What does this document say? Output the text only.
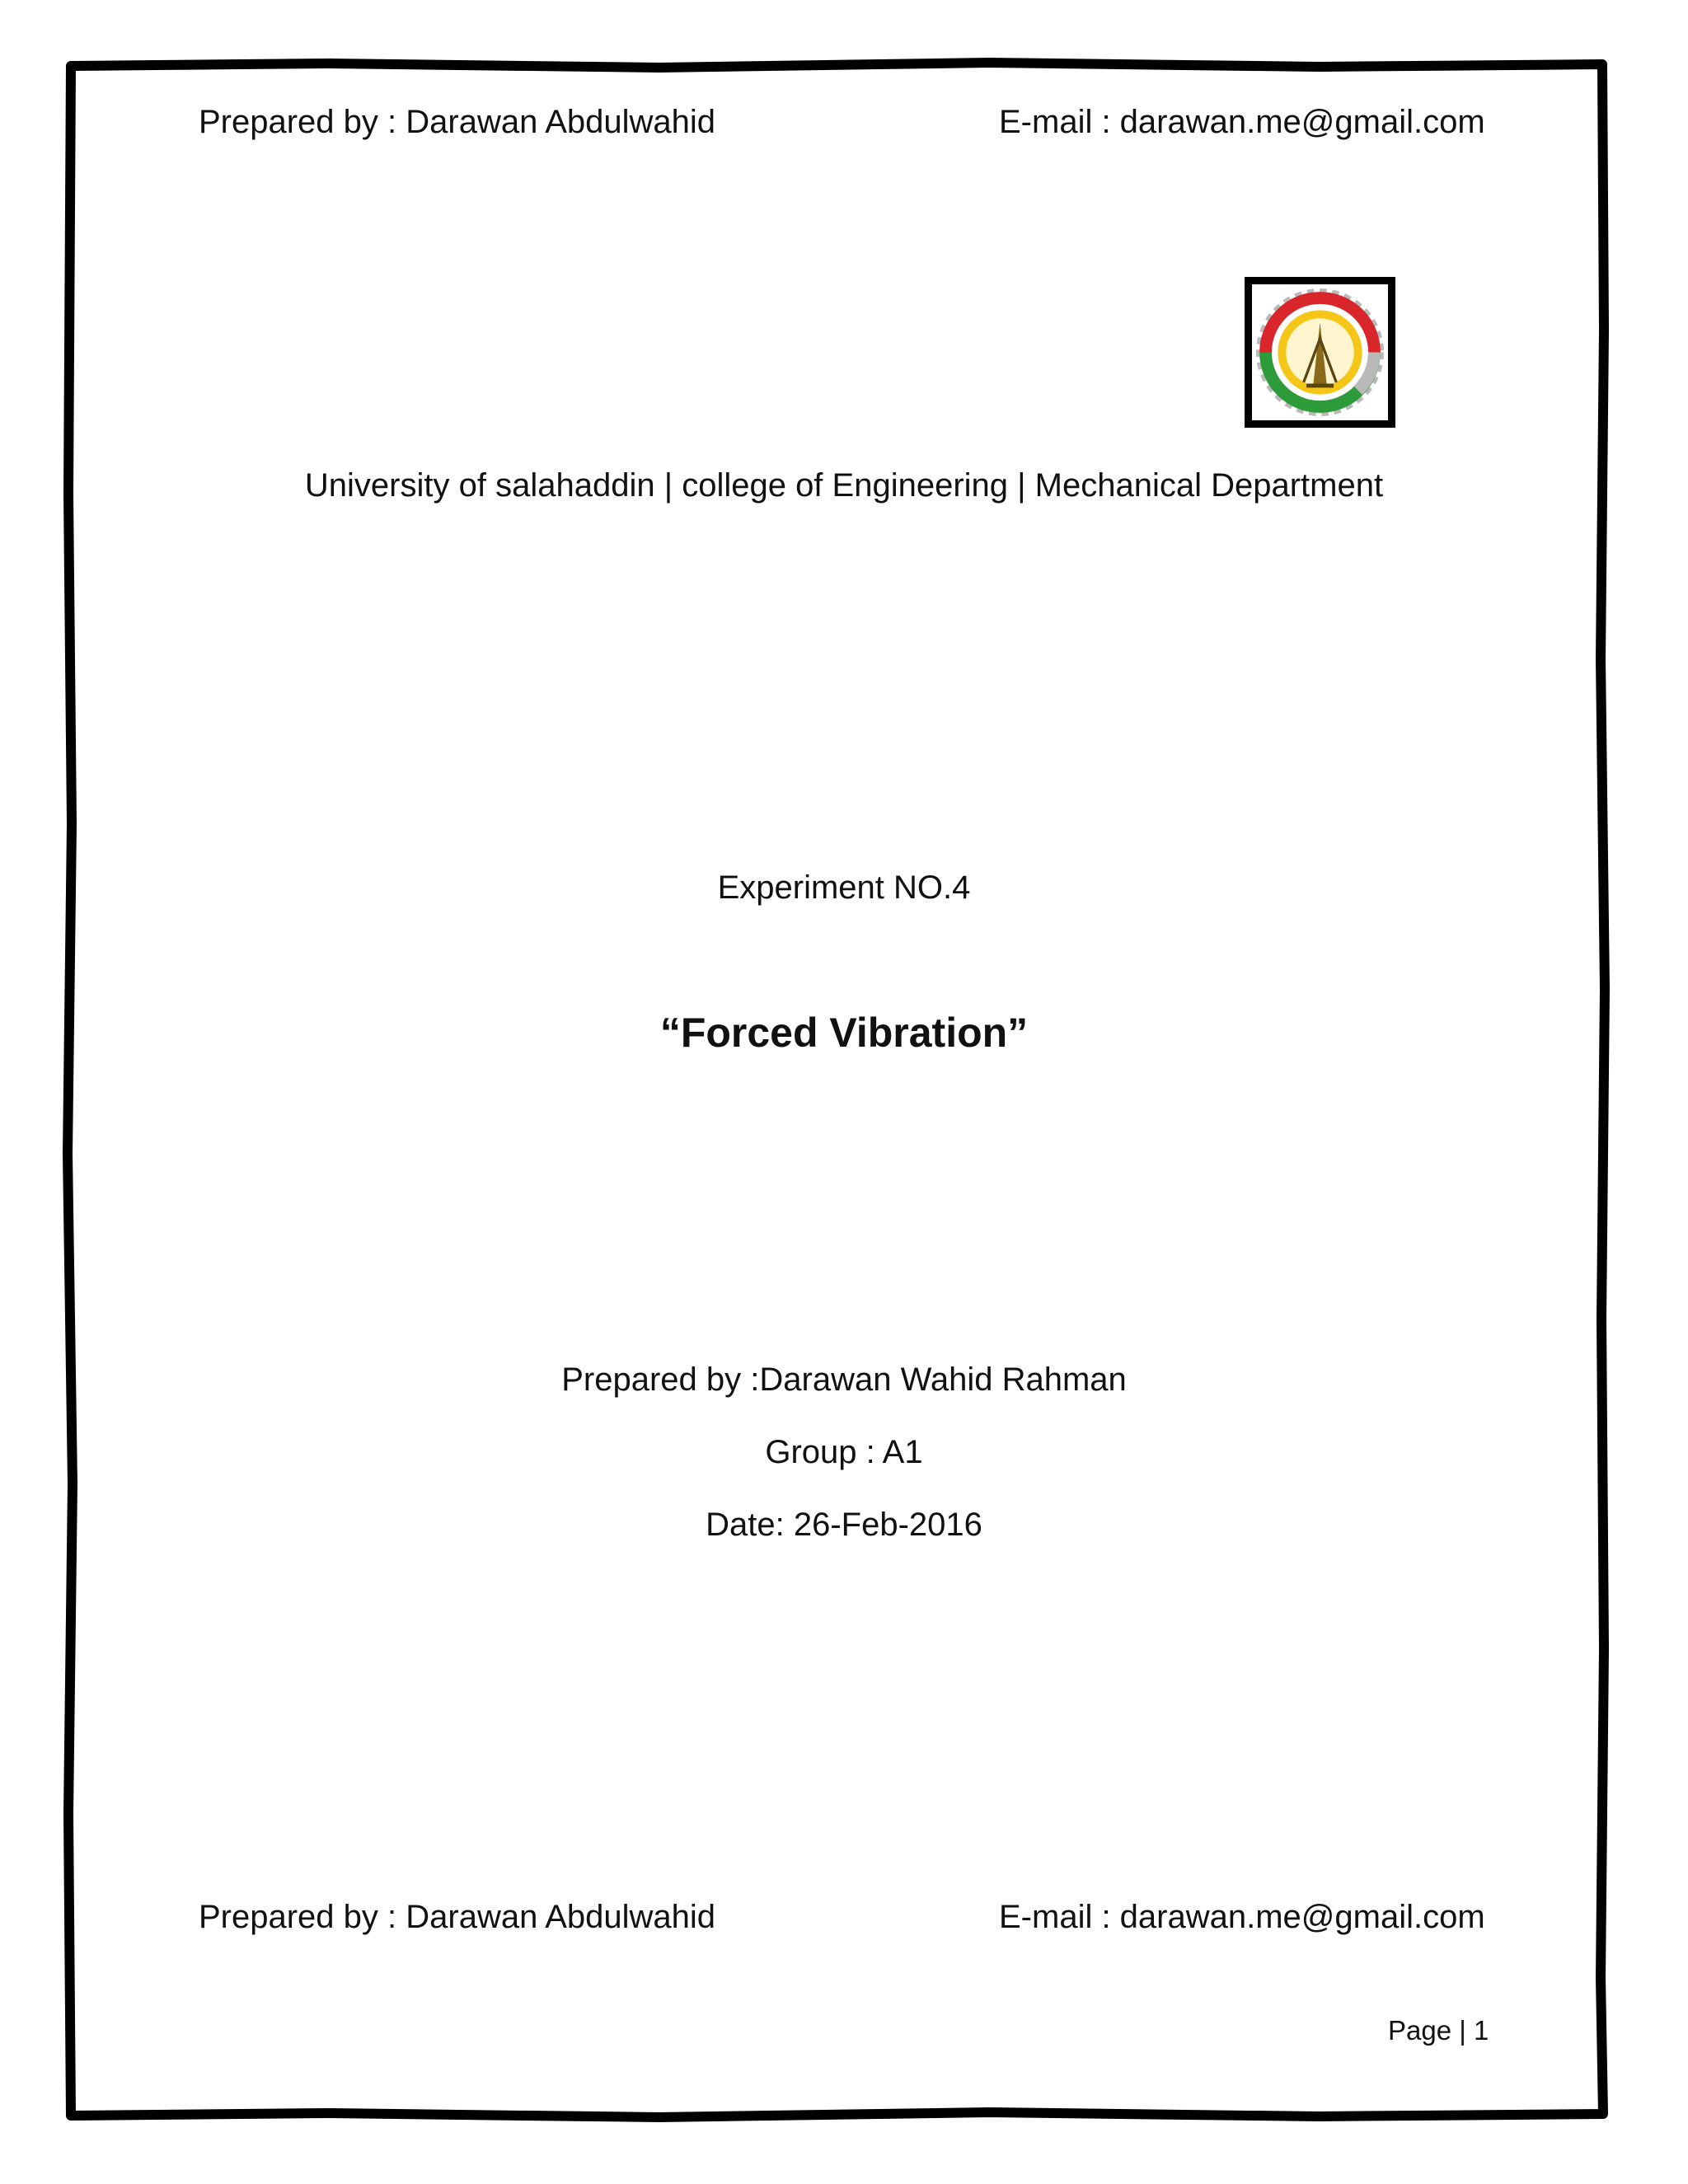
Prepared by : Darawan Abdulwahid	E-mail : darawan.me@gmail.com
University of salahaddin | college of Engineering | Mechanical Department
Experiment NO.4
“Forced Vibration”
Prepared by :Darawan Wahid Rahman
Group : A1
Date: 26-Feb-2016
Prepared by : Darawan Abdulwahid	E-mail : darawan.me@gmail.com
Page | 1
